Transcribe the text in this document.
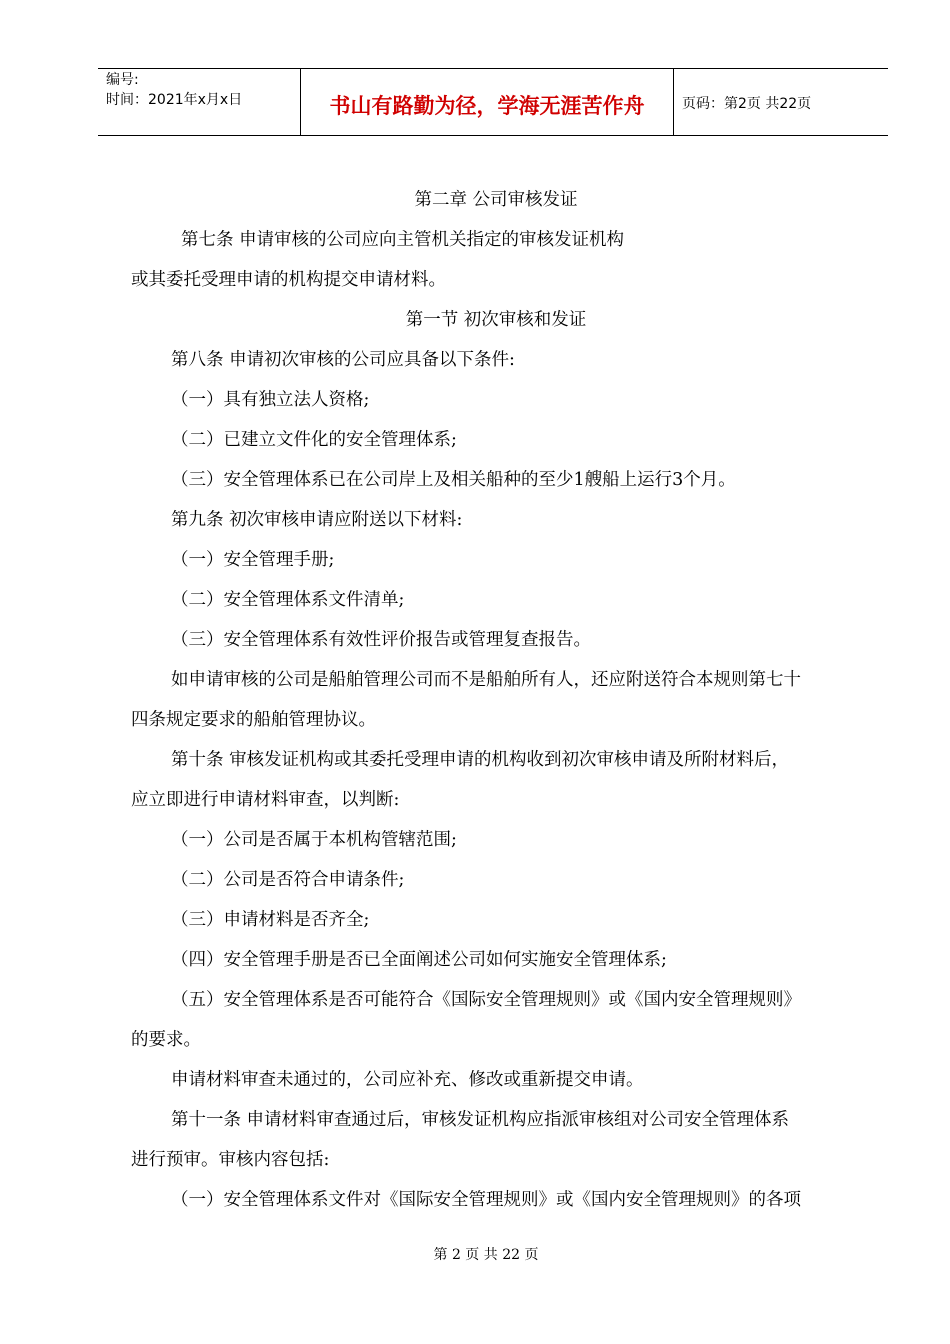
编号:
时间：2021年x月x日	书山有路勤为径，学海无涯苦作舟	页码：第2页 共22页
第二章 公司审核发证
第七条 申请审核的公司应向主管机关指定的审核发证机构
或其委托受理申请的机构提交申请材料。
第一节 初次审核和发证
第八条 申请初次审核的公司应具备以下条件:
（一）具有独立法人资格;
（二）已建立文件化的安全管理体系;
（三）安全管理体系已在公司岸上及相关船种的至少1艘船上运行3个月。
第九条 初次审核申请应附送以下材料:
（一）安全管理手册;
（二）安全管理体系文件清单;
（三）安全管理体系有效性评价报告或管理复查报告。
如申请审核的公司是船舶管理公司而不是船舶所有人，还应附送符合本规则第七十
四条规定要求的船舶管理协议。
第十条 审核发证机构或其委托受理申请的机构收到初次审核申请及所附材料后，
应立即进行申请材料审查，以判断:
（一）公司是否属于本机构管辖范围;
（二）公司是否符合申请条件;
（三）申请材料是否齐全;
（四）安全管理手册是否已全面阐述公司如何实施安全管理体系;
（五）安全管理体系是否可能符合《国际安全管理规则》或《国内安全管理规则》
的要求。
申请材料审查未通过的，公司应补充、修改或重新提交申请。
第十一条 申请材料审查通过后，审核发证机构应指派审核组对公司安全管理体系
进行预审。审核内容包括:
（一）安全管理体系文件对《国际安全管理规则》或《国内安全管理规则》的各项
第 2 页 共 22 页
